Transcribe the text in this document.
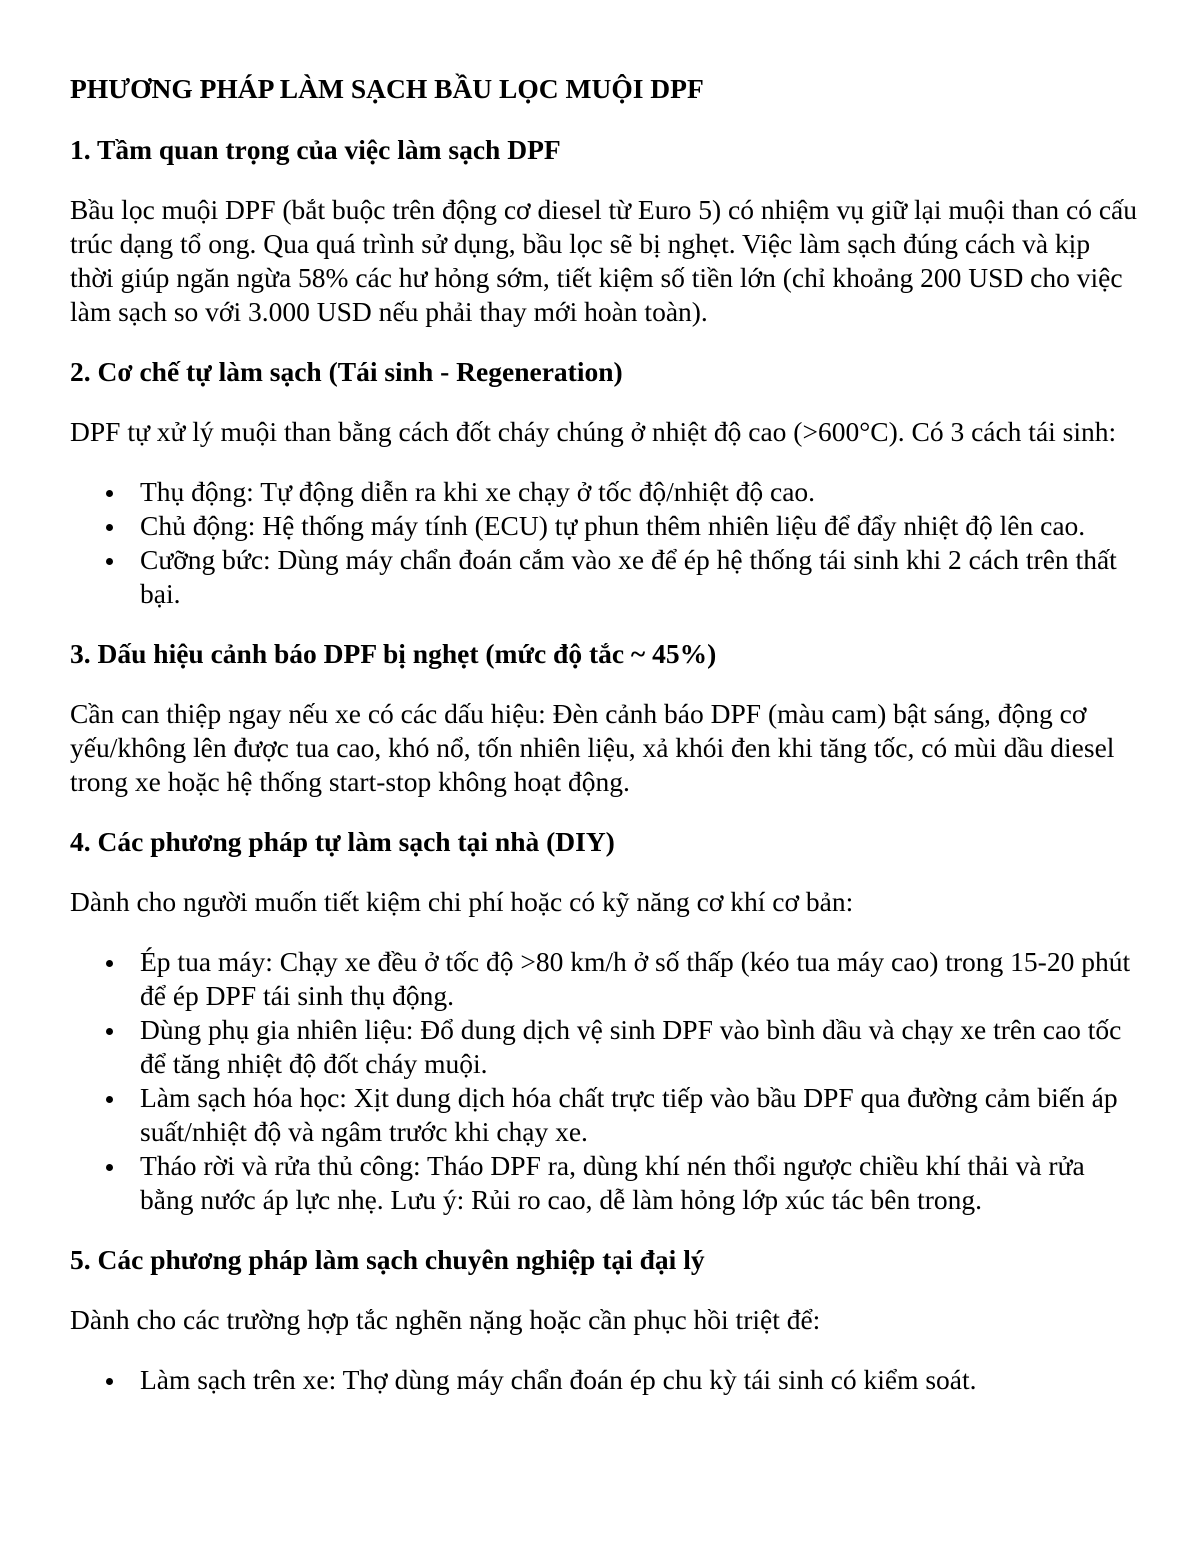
PHƯƠNG PHÁP LÀM SẠCH BẦU LỌC MUỘI DPF
1. Tầm quan trọng của việc làm sạch DPF

Bầu lọc muội DPF (bắt buộc trên động cơ diesel từ Euro 5) có nhiệm vụ giữ lại muội than có cấu trúc dạng tổ ong. Qua quá trình sử dụng, bầu lọc sẽ bị nghẹt. Việc làm sạch đúng cách và kịp thời giúp ngăn ngừa 58% các hư hỏng sớm, tiết kiệm số tiền lớn (chỉ khoảng 200 USD cho việc làm sạch so với 3.000 USD nếu phải thay mới hoàn toàn).

2. Cơ chế tự làm sạch (Tái sinh - Regeneration)

DPF tự xử lý muội than bằng cách đốt cháy chúng ở nhiệt độ cao (>600°C). Có 3 cách tái sinh:

Thụ động: Tự động diễn ra khi xe chạy ở tốc độ/nhiệt độ cao.
Chủ động: Hệ thống máy tính (ECU) tự phun thêm nhiên liệu để đẩy nhiệt độ lên cao.
Cưỡng bức: Dùng máy chẩn đoán cắm vào xe để ép hệ thống tái sinh khi 2 cách trên thất bại.
3. Dấu hiệu cảnh báo DPF bị nghẹt (mức độ tắc ~ 45%)

Cần can thiệp ngay nếu xe có các dấu hiệu: Đèn cảnh báo DPF (màu cam) bật sáng, động cơ yếu/không lên được tua cao, khó nổ, tốn nhiên liệu, xả khói đen khi tăng tốc, có mùi dầu diesel trong xe hoặc hệ thống start-stop không hoạt động.

4. Các phương pháp tự làm sạch tại nhà (DIY)

Dành cho người muốn tiết kiệm chi phí hoặc có kỹ năng cơ khí cơ bản:

Ép tua máy: Chạy xe đều ở tốc độ >80 km/h ở số thấp (kéo tua máy cao) trong 15-20 phút để ép DPF tái sinh thụ động.
Dùng phụ gia nhiên liệu: Đổ dung dịch vệ sinh DPF vào bình dầu và chạy xe trên cao tốc để tăng nhiệt độ đốt cháy muội.
Làm sạch hóa học: Xịt dung dịch hóa chất trực tiếp vào bầu DPF qua đường cảm biến áp suất/nhiệt độ và ngâm trước khi chạy xe.
Tháo rời và rửa thủ công: Tháo DPF ra, dùng khí nén thổi ngược chiều khí thải và rửa bằng nước áp lực nhẹ. Lưu ý: Rủi ro cao, dễ làm hỏng lớp xúc tác bên trong.
5. Các phương pháp làm sạch chuyên nghiệp tại đại lý

Dành cho các trường hợp tắc nghẽn nặng hoặc cần phục hồi triệt để:

Làm sạch trên xe: Thợ dùng máy chẩn đoán ép chu kỳ tái sinh có kiểm soát.
